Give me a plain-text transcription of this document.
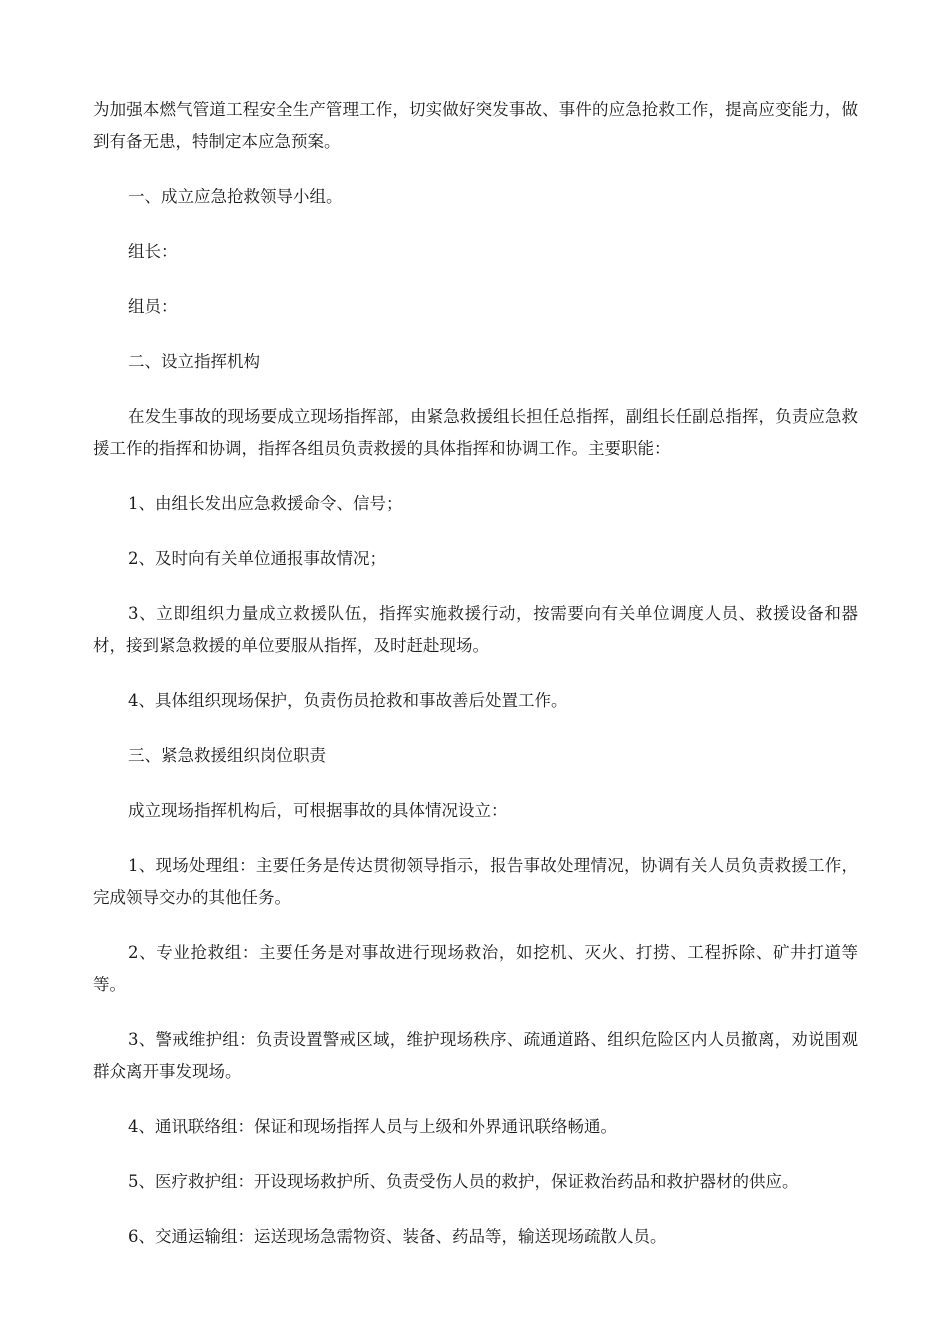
为加强本燃气管道工程安全生产管理工作，切实做好突发事故、事件的应急抢救工作，提高应变能力，做到有备无患，特制定本应急预案。

一、成立应急抢救领导小组。

组长：

组员：

二、设立指挥机构

在发生事故的现场要成立现场指挥部，由紧急救援组长担任总指挥，副组长任副总指挥，负责应急救援工作的指挥和协调，指挥各组员负责救援的具体指挥和协调工作。主要职能：

1、由组长发出应急救援命令、信号；

2、及时向有关单位通报事故情况；

3、立即组织力量成立救援队伍，指挥实施救援行动，按需要向有关单位调度人员、救援设备和器材，接到紧急救援的单位要服从指挥，及时赶赴现场。

4、具体组织现场保护，负责伤员抢救和事故善后处置工作。

三、紧急救援组织岗位职责

成立现场指挥机构后，可根据事故的具体情况设立：

1、现场处理组：主要任务是传达贯彻领导指示，报告事故处理情况，协调有关人员负责救援工作，完成领导交办的其他任务。

2、专业抢救组：主要任务是对事故进行现场救治，如挖机、灭火、打捞、工程拆除、矿井打道等等。

3、警戒维护组：负责设置警戒区域，维护现场秩序、疏通道路、组织危险区内人员撤离，劝说围观群众离开事发现场。

4、通讯联络组：保证和现场指挥人员与上级和外界通讯联络畅通。

5、医疗救护组：开设现场救护所、负责受伤人员的救护，保证救治药品和救护器材的供应。

6、交通运输组：运送现场急需物资、装备、药品等，输送现场疏散人员。
